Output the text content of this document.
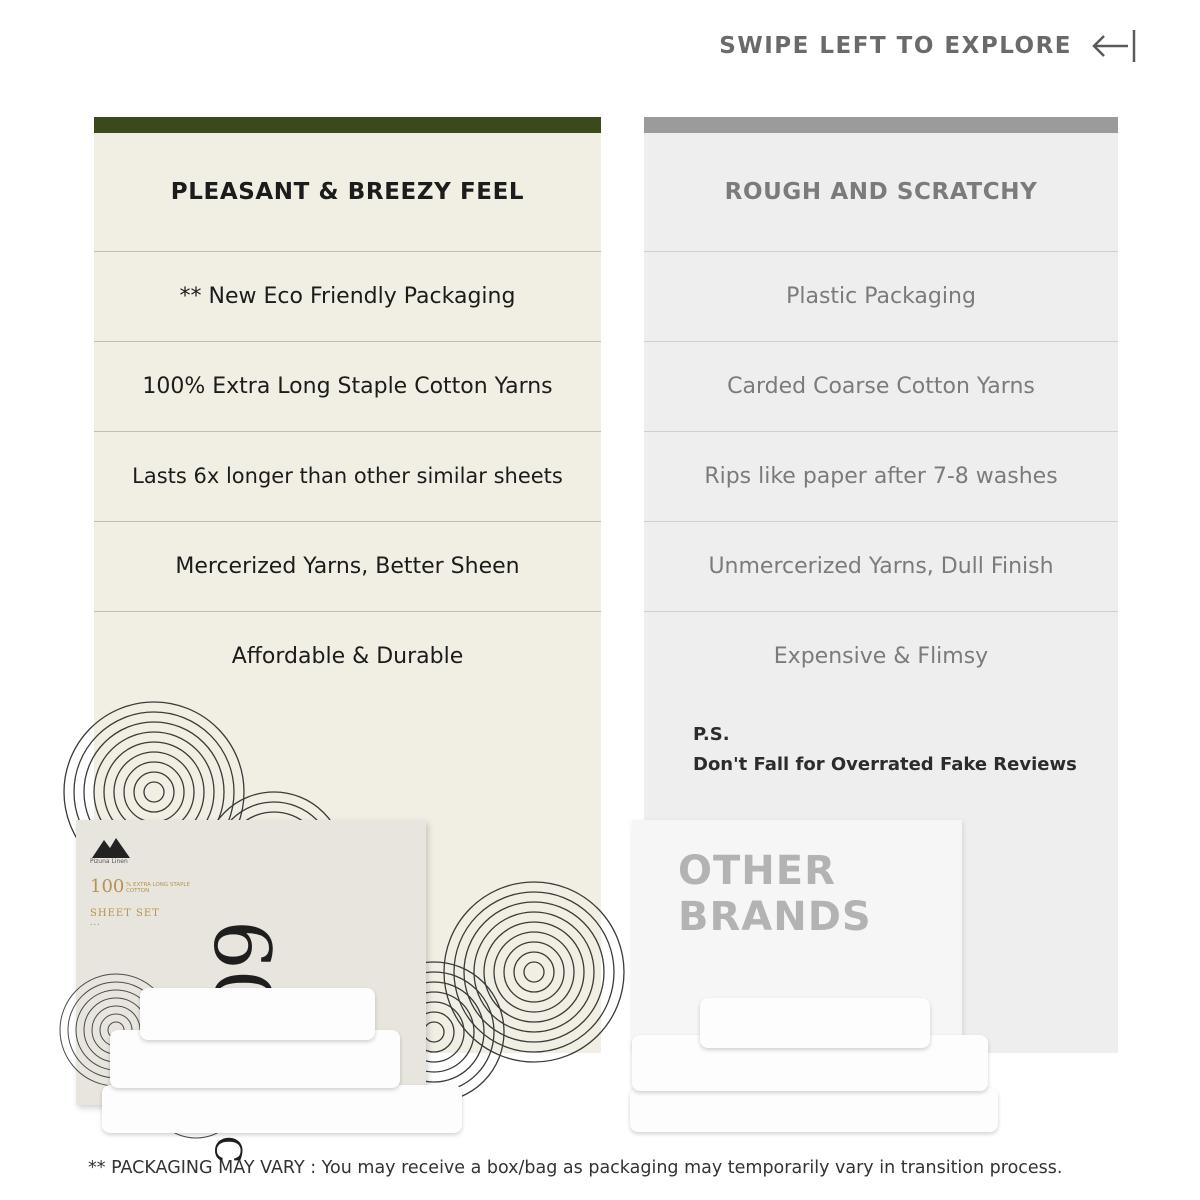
SWIPE LEFT TO EXPLORE
PLEASANT & BREEZY FEEL
** New Eco Friendly Packaging
100% Extra Long Staple Cotton Yarns
Lasts 6x longer than other similar sheets
Mercerized Yarns, Better Sheen
Affordable & Durable
ROUGH AND SCRATCHY
Plastic Packaging
Carded Coarse Cotton Yarns
Rips like paper after 7-8 washes
Unmercerized Yarns, Dull Finish
Expensive & Flimsy
P.S.
Don't Fall for Overrated Fake Reviews
Pizuna Linen
100 % EXTRA LONG STAPLE COTTON
SHEET SET
• • •
OTHER
BRANDS
** PACKAGING MAY VARY : You may receive a box/bag as packaging may temporarily vary in transition process.
